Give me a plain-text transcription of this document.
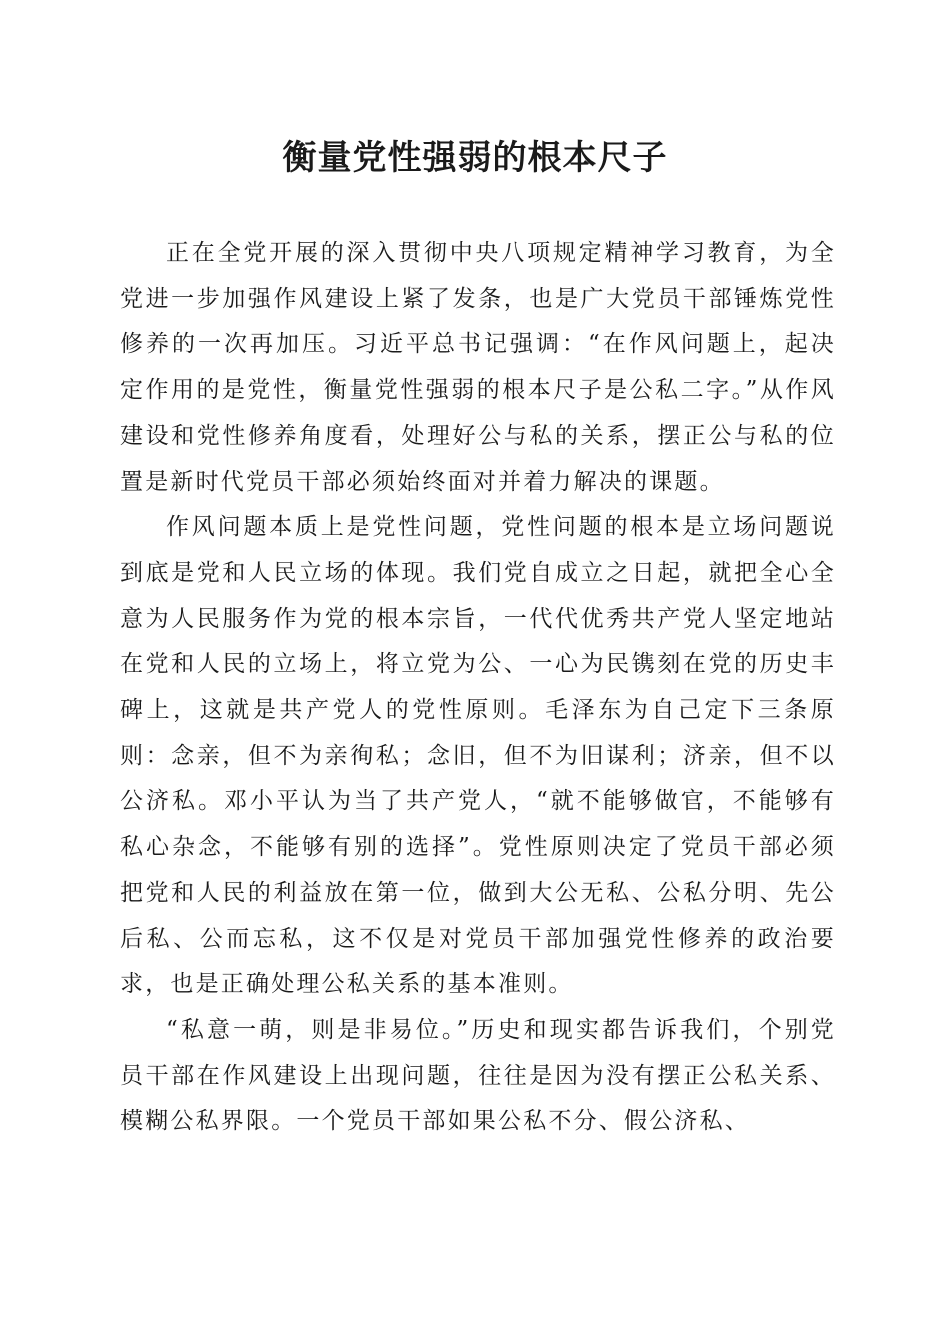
衡量党性强弱的根本尺子

正在全党开展的深入贯彻中央八项规定精神学习教育，为全党进一步加强作风建设上紧了发条，也是广大党员干部锤炼党性修养的一次再加压。习近平总书记强调：“在作风问题上，起决定作用的是党性，衡量党性强弱的根本尺子是公私二字。”从作风建设和党性修养角度看，处理好公与私的关系，摆正公与私的位置是新时代党员干部必须始终面对并着力解决的课题。

作风问题本质上是党性问题，党性问题的根本是立场问题说到底是党和人民立场的体现。我们党自成立之日起，就把全心全意为人民服务作为党的根本宗旨，一代代优秀共产党人坚定地站在党和人民的立场上，将立党为公、一心为民镌刻在党的历史丰碑上，这就是共产党人的党性原则。毛泽东为自己定下三条原则：念亲，但不为亲徇私；念旧，但不为旧谋利；济亲，但不以公济私。邓小平认为当了共产党人，“就不能够做官，不能够有私心杂念，不能够有别的选择”。党性原则决定了党员干部必须把党和人民的利益放在第一位，做到大公无私、公私分明、先公后私、公而忘私，这不仅是对党员干部加强党性修养的政治要求，也是正确处理公私关系的基本准则。

“私意一萌，则是非易位。”历史和现实都告诉我们，个别党员干部在作风建设上出现问题，往往是因为没有摆正公私关系、模糊公私界限。一个党员干部如果公私不分、假公济私、
